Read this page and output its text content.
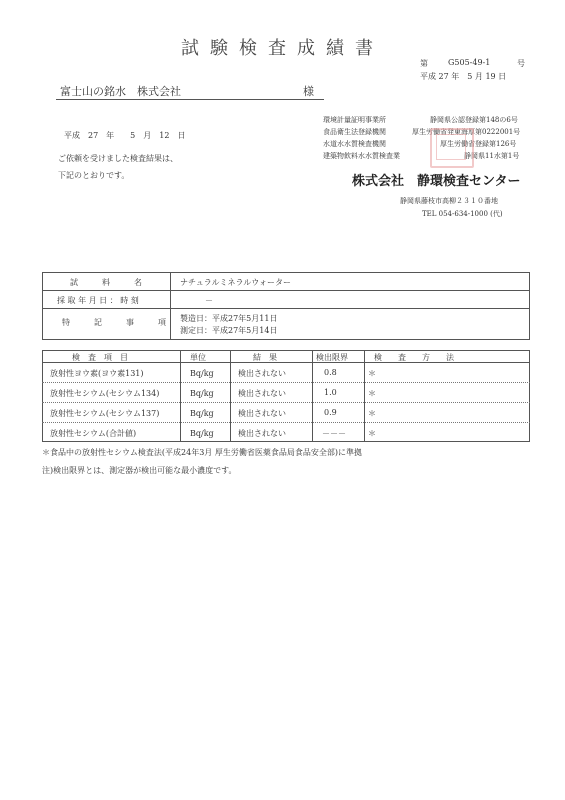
試験検査成績書
第	G505-49-1	号
平成 27 年　5 月 19 日
富士山の銘水　株式会社	様
環境計量証明事業所	静岡県公認登録第148の6号
食品衛生法登録機関	厚生労働省発東海厚第0222001号
水道水水質検査機関	厚生労働省登録第126号
建築物飲料水水質検査業	静岡県11水第1号
平成　27　年　　5　月　12　日
ご依頼を受けました検査結果は、
下記のとおりです。	株式会社　静環検査センター
静岡県藤枝市高柳２３１０番地
TEL 054-634-1000 (代)
試　　　料　　　名	ナチュラルミネラルウォーター
採 取 年 月 日 ： 時 刻	－
特　　　記　　　事　　　項 製造日：平成27年5月11日
測定日：平成27年5月14日
検　査　項　目	単位	結　果	検出限界	検　　査　　方　　法
放射性ヨウ素(ヨウ素131)	Bq/kg	検出されない	0.8	＊
放射性セシウム(セシウム134)	Bq/kg	検出されない	1.0	＊
放射性セシウム(セシウム137)	Bq/kg	検出されない	0.9	＊
放射性セシウム(合計値)	Bq/kg	検出されない	－－－	＊
＊食品中の放射性セシウム検査法(平成24年3月 厚生労働省医薬食品局食品安全部)に準拠
注)検出限界とは、測定器が検出可能な最小濃度です。
